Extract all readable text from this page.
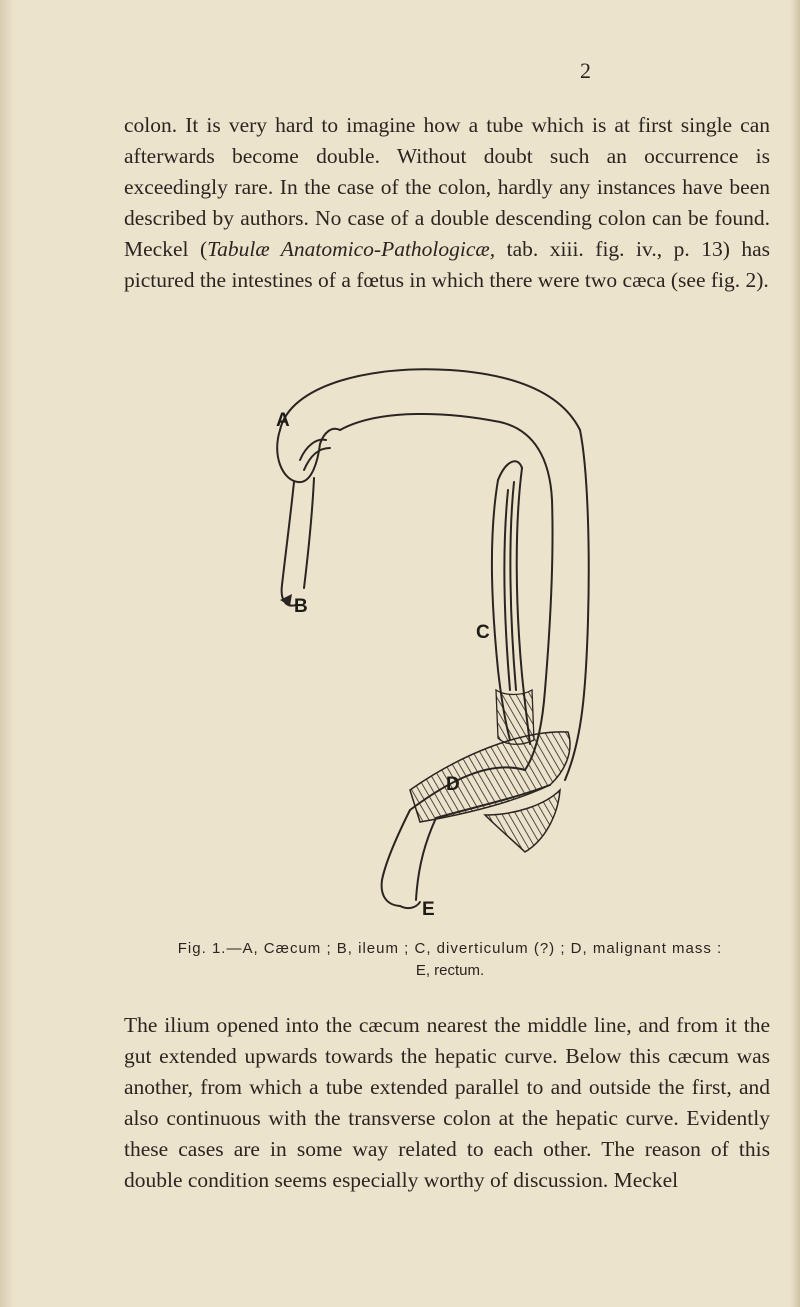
2

colon. It is very hard to imagine how a tube which is at first single can afterwards become double. Without doubt such an occurrence is exceedingly rare. In the case of the colon, hardly any instances have been described by authors. No case of a double descending colon can be found. Meckel (Tabulæ Anatomico-Pathologicæ, tab. xiii. fig. iv., p. 13) has pictured the intestines of a fœtus in which there were two cæca (see fig. 2).

A
B
C
D
E
Fig. 1.—A, Cæcum ; B, ileum ; C, diverticulum (?) ; D, malignant mass :
E, rectum.

The ilium opened into the cæcum nearest the middle line, and from it the gut extended upwards towards the hepatic curve. Below this cæcum was another, from which a tube extended parallel to and outside the first, and also continuous with the transverse colon at the hepatic curve. Evidently these cases are in some way related to each other. The reason of this double condition seems especially worthy of discussion. Meckel
